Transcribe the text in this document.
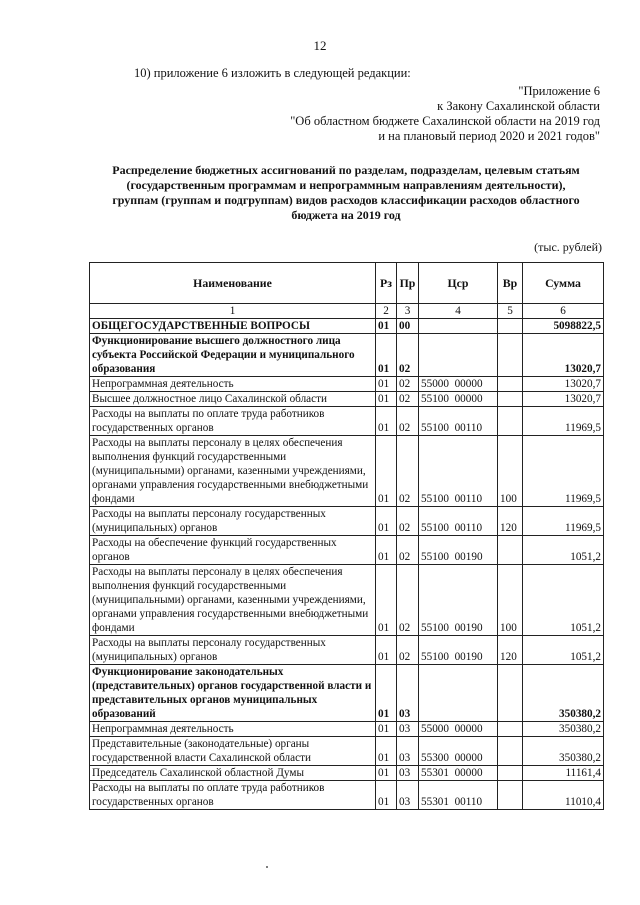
12
10) приложение 6 изложить в следующей редакции:
"Приложение 6
к Закону Сахалинской области
"Об областном бюджете Сахалинской области на 2019 год
и на плановый период 2020 и 2021 годов"
Распределение бюджетных ассигнований по разделам, подразделам, целевым статьям
(государственным программам и непрограммным направлениям деятельности),
группам (группам и подгруппам) видов расходов классификации расходов областного
бюджета на 2019 год
(тыс. рублей)
Наименование	Рз	Пр	Цср	Вр	Сумма
1	2	3	4	5	6
ОБЩЕГОСУДАРСТВЕННЫЕ ВОПРОСЫ	01	00			5098822,5
Функционирование высшего должностного лица субъекта Российской Федерации и муниципального образования	01	02			13020,7
Непрограммная деятельность	01	02	55000  00000		13020,7
Высшее должностное лицо Сахалинской области	01	02	55100  00000		13020,7
Расходы на выплаты по оплате труда работников государственных органов	01	02	55100  00110		11969,5
Расходы на выплаты персоналу в целях обеспечения выполнения функций государственными (муниципальными) органами, казенными учреждениями, органами управления государственными внебюджетными фондами	01	02	55100  00110	100	11969,5
Расходы на выплаты персоналу государственных (муниципальных) органов	01	02	55100  00110	120	11969,5
Расходы на обеспечение функций государственных органов	01	02	55100  00190		1051,2
Расходы на выплаты персоналу в целях обеспечения выполнения функций государственными (муниципальными) органами, казенными учреждениями, органами управления государственными внебюджетными фондами	01	02	55100  00190	100	1051,2
Расходы на выплаты персоналу государственных (муниципальных) органов	01	02	55100  00190	120	1051,2
Функционирование законодательных (представительных) органов государственной власти и представительных органов муниципальных образований	01	03			350380,2
Непрограммная деятельность	01	03	55000  00000		350380,2
Представительные (законодательные) органы государственной власти Сахалинской области	01	03	55300  00000		350380,2
Председатель Сахалинской областной Думы	01	03	55301  00000		11161,4
Расходы на выплаты по оплате труда работников государственных органов	01	03	55301  00110		11010,4
